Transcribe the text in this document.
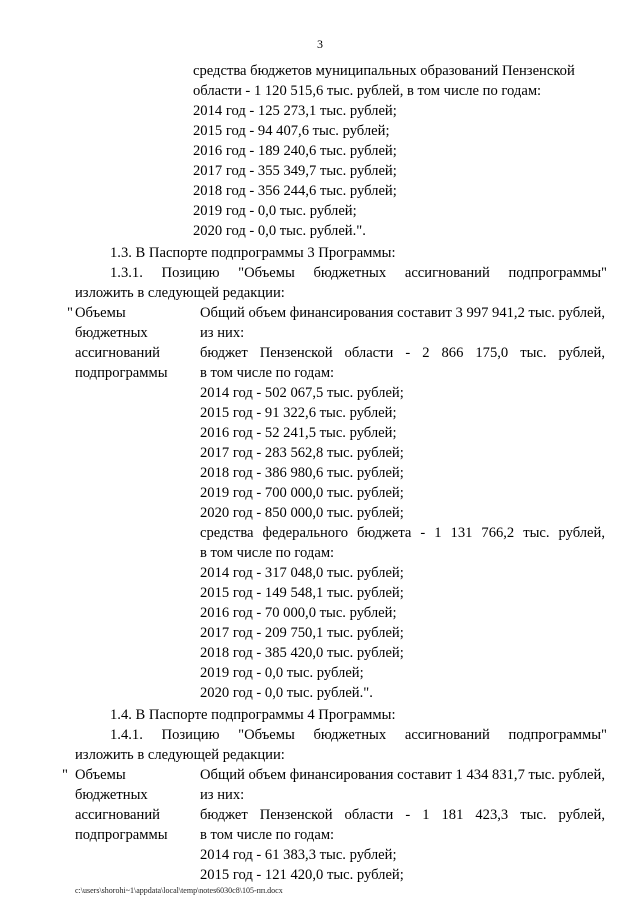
3
средства бюджетов муниципальных образований Пензенской
области - 1 120 515,6 тыс. рублей, в том числе по годам:
2014 год - 125 273,1 тыс. рублей;
2015 год - 94 407,6 тыс. рублей;
2016 год - 189 240,6 тыс. рублей;
2017 год - 355 349,7 тыс. рублей;
2018 год - 356 244,6 тыс. рублей;
2019 год - 0,0 тыс. рублей;
2020 год - 0,0 тыс. рублей.".
1.3. В Паспорте подпрограммы 3 Программы:
1.3.1. Позицию "Объемы бюджетных ассигнований подпрограммы"
изложить в следующей редакции:
" Объемы
бюджетных
ассигнований
подпрограммы
Общий объем финансирования составит 3 997 941,2 тыс. рублей,
из них:
бюджет Пензенской области - 2 866 175,0 тыс. рублей,
в том числе по годам:
2014 год - 502 067,5 тыс. рублей;
2015 год - 91 322,6 тыс. рублей;
2016 год - 52 241,5 тыс. рублей;
2017 год - 283 562,8 тыс. рублей;
2018 год - 386 980,6 тыс. рублей;
2019 год - 700 000,0 тыс. рублей;
2020 год - 850 000,0 тыс. рублей;
средства федерального бюджета - 1 131 766,2 тыс. рублей,
в том числе по годам:
2014 год - 317 048,0 тыс. рублей;
2015 год - 149 548,1 тыс. рублей;
2016 год - 70 000,0 тыс. рублей;
2017 год - 209 750,1 тыс. рублей;
2018 год - 385 420,0 тыс. рублей;
2019 год - 0,0 тыс. рублей;
2020 год - 0,0 тыс. рублей.".
1.4. В Паспорте подпрограммы 4 Программы:
1.4.1. Позицию "Объемы бюджетных ассигнований подпрограммы"
изложить в следующей редакции:
" Объемы
бюджетных
ассигнований
подпрограммы
Общий объем финансирования составит 1 434 831,7 тыс. рублей,
из них:
бюджет Пензенской области - 1 181 423,3 тыс. рублей,
в том числе по годам:
2014 год - 61 383,3 тыс. рублей;
2015 год - 121 420,0 тыс. рублей;
c:\users\shorohi~1\appdata\local\temp\notes6030c8\105-пп.docx
